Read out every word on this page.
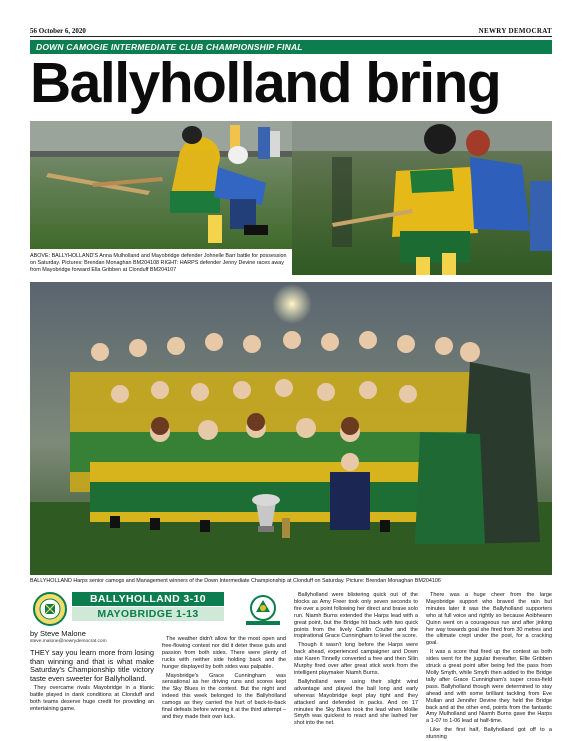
56 October 6, 2020	NEWRY DEMOCRAT
DOWN CAMOGIE INTERMEDIATE CLUB CHAMPIONSHIP FINAL
Ballyholland bring
ABOVE: BALLYHOLLAND'S Anna Mulholland and Mayobridge defender Johnelle Barr battle for possession on Saturday. Pictures: Brendan Monaghan BM204108 RIGHT: HARPS defender Jenny Devine races away from Mayobridge forward Ella Gribben at Clonduff BM204107
BALLYHOLLAND Harps senior camogs and Management winners of the Down Intermediate Championship at Clonduff on Saturday. Picture: Brendan Monaghan BM204106
BALLYHOLLAND 3-10
MAYOBRIDGE 1-13
by Steve Malone
steve.malone@newrydemocrat.com

THEY say you learn more from losing than winning and that is what make Saturday's Championship title victory taste even sweeter for Ballyholland.

They overcame rivals Mayobridge in a titanic battle played in dank conditions at Clonduff and both teams deserve huge credit for providing an entertaining game.

The weather didn't allow for the most open and free-flowing contest nor did it deter these guts and passion from both sides. There were plenty of rucks with neither side holding back and the hunger displayed by both sides was palpable.

Mayobridge's Grace Cunningham was sensational as her driving runs and scores kept the Sky Blues in the contest. But the night and indeed this week belonged to the Ballyholland camogs as they carried the hurt of back-to-back final defeats before winning it at the third attempt – and they made their own luck.

Ballyholland were blistering quick out of the blocks as Amy Freer took only seven seconds to fire over a point following her direct and brave solo run. Niamh Burns extended the Harps lead with a great point, but the Bridge hit back with two quick points from the lively Caitlin Coulter and the inspirational Grace Cunningham to level the score.

Though it wasn't long before the Harps were back ahead, experienced campaigner and Down star Karen Tinnelly converted a free and then Silin Murphy fired over after great stick work from the intelligent playmaker Niamh Burns.

Ballyholland were using their slight wind advantage and played the ball long and early whereas Mayobridge kept play tight and they attacked and defended in packs. And on 17 minutes the Sky Blues took the lead when Mollie Smyth was quickest to react and she lashed her shot into the net.

There was a huge cheer from the large Mayobridge support who braved the rain but minutes later it was the Ballyholland supporters who at full voice and rightly so because Aoibheann Quinn went on a courageous run and after jinking her way towards goal she fired from 30 metres and the ultimate crept under the post, for a cracking goal.

It was a score that fired up the contest as both sides went for the jugular thereafter. Ellie Gribben struck a great point after being fed the pass from Molly Smyth, while Smyth then added to the Bridge tally after Grace Cunningham's super cross-field pass. Ballyholland though were determined to stay ahead and with some brilliant tackling from Eve Mullan and Jennifer Devine they held the Bridge back and at the other end, points from the fantastic Amy Mulholland and Niamh Burns gave the Harps a 1-07 to 1-06 lead at half-time.

Like the first half, Ballyholland got off to a stunning
